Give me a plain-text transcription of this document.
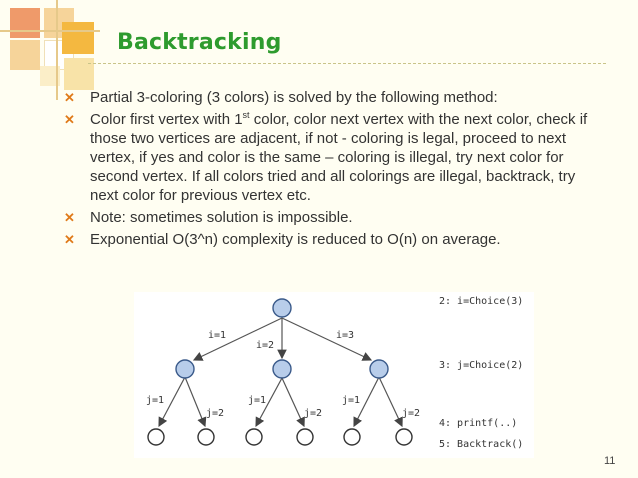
Backtracking
✕ Partial 3-coloring (3 colors) is solved by the following method:
✕ Color first vertex with 1st color, color next vertex with the next color, check if those two vertices are adjacent, if not - coloring is legal, proceed to next vertex, if yes and color is the same – coloring is illegal, try next color for second vertex. If all colors tried and all colorings are illegal, backtrack, try next color for previous vertex etc.
✕ Note: sometimes solution is impossible.
✕ Exponential O(3^n) complexity is reduced to O(n) on average.
i=1
i=2
i=3
j=1
j=2
j=1
j=2
j=1
j=2
2: i=Choice(3)
3: j=Choice(2)
4: printf(..)
5: Backtrack()
11
